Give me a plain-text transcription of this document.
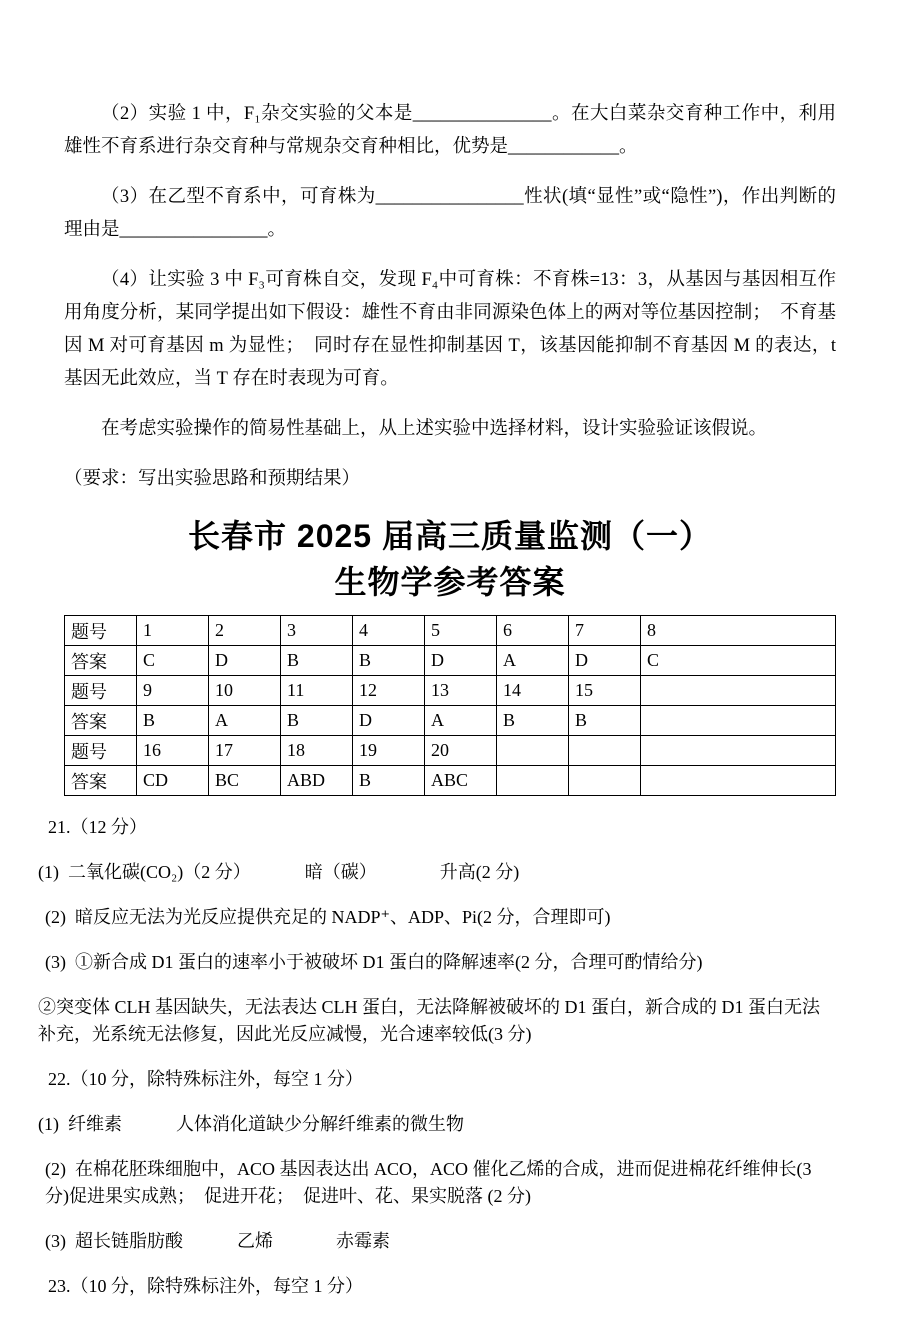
（2）实验 1 中，F₁杂交实验的父本是_______________。在大白菜杂交育种工作中，利用雄性不育系进行杂交育种与常规杂交育种相比，优势是____________。

（3）在乙型不育系中，可育株为________________性状(填“显性”或“隐性”)，作出判断的理由是________________。

（4）让实验 3 中 F₃可育株自交，发现 F₄中可育株：不育株=13：3，从基因与基因相互作用角度分析，某同学提出如下假设：雄性不育由非同源染色体上的两对等位基因控制；  不育基因 M 对可育基因 m 为显性；  同时存在显性抑制基因 T，该基因能抑制不育基因 M 的表达，t 基因无此效应，当 T 存在时表现为可育。

在考虑实验操作的简易性基础上，从上述实验中选择材料，设计实验验证该假说。

（要求：写出实验思路和预期结果）

长春市 2025 届高三质量监测（一）
生物学参考答案
题号	1	2	3	4	5	6	7	8
答案	C	D	B	B	D	A	D	C
题号	9	10	11	12	13	14	15	
答案	B	A	B	D	A	B	B	
题号	16	17	18	19	20			
答案	CD	BC	ABD	B	ABC			
21.（12 分）
(1)  二氧化碳(CO₂)（2 分）            暗（碳）              升高(2 分)
(2)  暗反应无法为光反应提供充足的 NADP⁺、ADP、Pi(2 分，合理即可)
(3)  ①新合成 D1 蛋白的速率小于被破坏 D1 蛋白的降解速率(2 分，合理可酌情给分)
②突变体 CLH 基因缺失，无法表达 CLH 蛋白，无法降解被破坏的 D1 蛋白，新合成的 D1 蛋白无法补充，光系统无法修复，因此光反应减慢，光合速率较低(3 分)
22.（10 分，除特殊标注外，每空 1 分）
(1)  纤维素            人体消化道缺少分解纤维素的微生物
(2)  在棉花胚珠细胞中，ACO 基因表达出 ACO，ACO 催化乙烯的合成，进而促进棉花纤维伸长(3 分)促进果实成熟；  促进开花；  促进叶、花、果实脱落 (2 分)
(3)  超长链脂肪酸            乙烯              赤霉素
23.（10 分，除特殊标注外，每空 1 分）
